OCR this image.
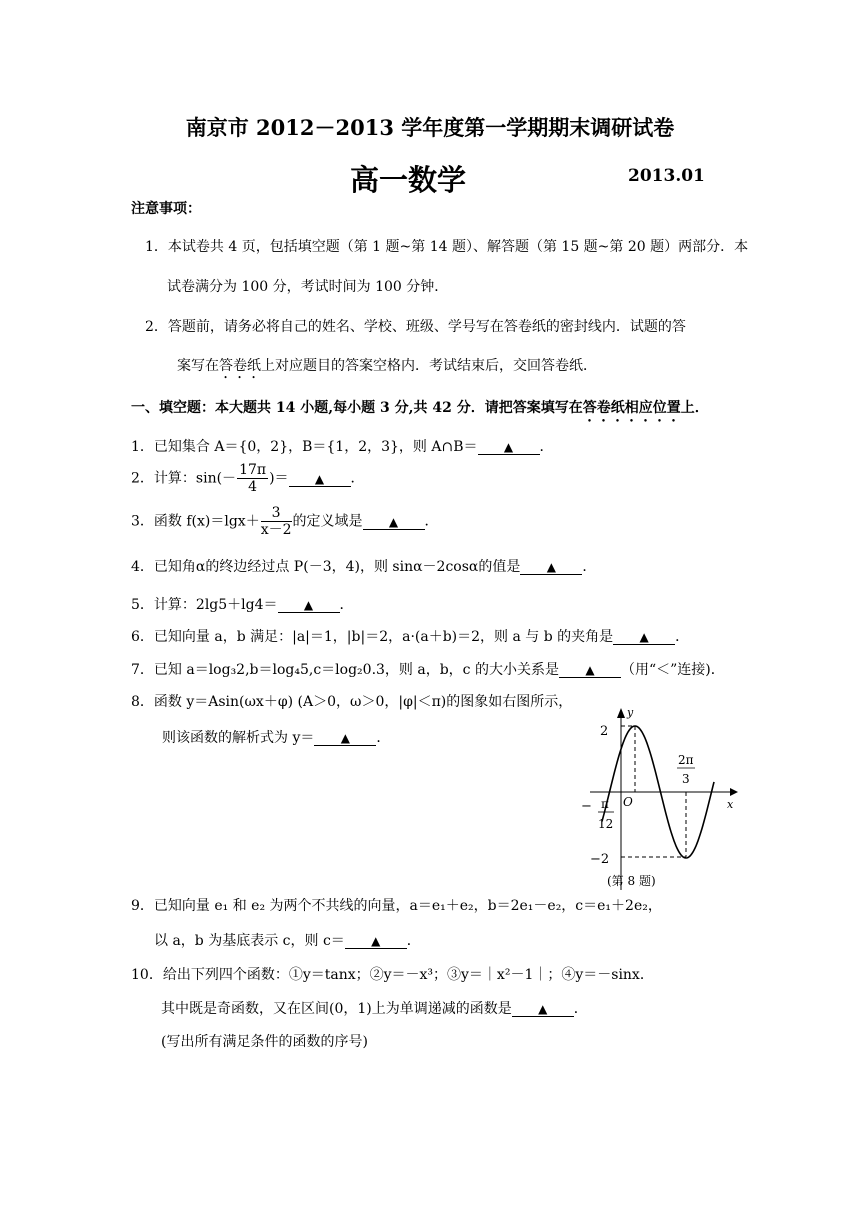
南京市 2012－2013 学年度第一学期期末调研试卷
高一数学	2013.01
注意事项：
1．本试卷共 4 页，包括填空题（第 1 题~第 14 题）、解答题（第 15 题~第 20 题）两部分．本
试卷满分为 100 分，考试时间为 100 分钟．
2．答题前，请务必将自己的姓名、学校、班级、学号写在答卷纸的密封线内．试题的答
案写在答卷纸上对应题目的答案空格内．考试结束后，交回答卷纸．
一、填空题：本大题共 14 小题,每小题 3 分,共 42 分．请把答案填写在答卷纸相应位置上．
1．已知集合 A＝{0，2}，B＝{1，2，3}，则 A∩B＝ ▲ ．
2．计算：$\sin(- \frac{17\pi}{4}$ )＝ ▲ ．
3．函数 $f(x)=\lg x+ \frac{3}{x-2}$ 的定义域是 ▲ ．
4．已知角α的终边经过点 P(－3，4)，则 sinα－2cosα的值是 ▲ ．
5．计算：2lg5＋lg4＝ ▲ ．
6．已知向量 a，b 满足：|a|＝1，|b|＝2，a·(a＋b)＝2，则 a 与 b 的夹角是 ▲ ．
7．已知 a＝log₃2,b＝log₄5,c＝log₂0.3，则 a，b，c 的大小关系是 ▲ （用“＜”连接)．
8．函数 y＝Asin(ωx＋φ) (A＞0，ω＞0，|φ|＜π)的图象如右图所示，
则该函数的解析式为 y＝ ▲ ．
y
x
O
2
−2
− π
12
2π
3
(第 8 题)
9．已知向量 e₁ 和 e₂ 为两个不共线的向量，a＝e₁＋e₂，b＝2e₁－e₂，c＝e₁＋2e₂，
以 a，b 为基底表示 c，则 c＝ ▲ ．
10．给出下列四个函数：①y＝tanx；②y＝－x³；③y＝｜x²－1｜；④y＝－sinx．
其中既是奇函数，又在区间(0，1)上为单调递减的函数是 ▲ ．
(写出所有满足条件的函数的序号)
